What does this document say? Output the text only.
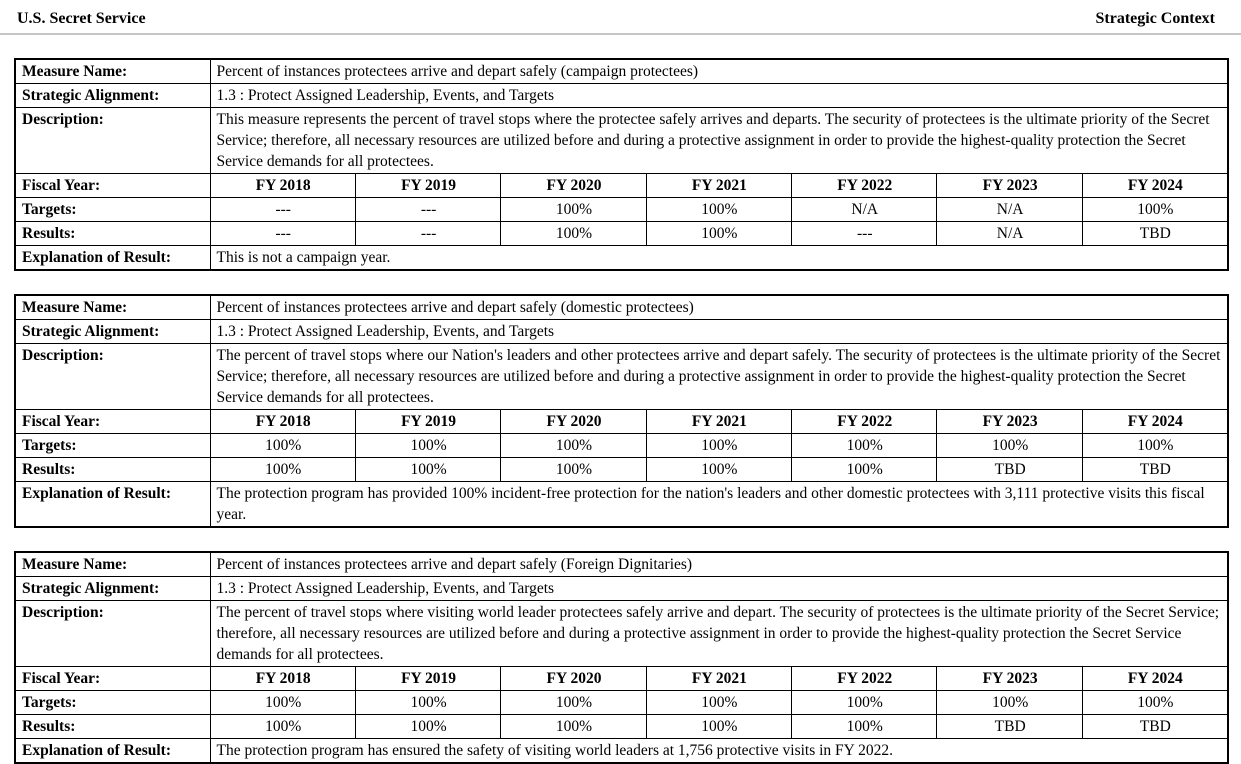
U.S. Secret Service	Strategic Context
Measure Name:	Percent of instances protectees arrive and depart safely (campaign protectees)						
Strategic Alignment:	1.3 : Protect Assigned Leadership, Events, and Targets						
Description:	This measure represents the percent of travel stops where the protectee safely arrives and departs. The security of protectees is the ultimate priority of the Secret Service; therefore, all necessary resources are utilized before and during a protective assignment in order to provide the highest-quality protection the Secret Service demands for all protectees.						
Fiscal Year:	FY 2018	FY 2019	FY 2020	FY 2021	FY 2022	FY 2023	FY 2024
Targets:	---	---	100%	100%	N/A	N/A	100%
Results:	---	---	100%	100%	---	N/A	TBD
Explanation of Result:	This is not a campaign year.						
Measure Name:	Percent of instances protectees arrive and depart safely (domestic protectees)						
Strategic Alignment:	1.3 : Protect Assigned Leadership, Events, and Targets						
Description:	The percent of travel stops where our Nation's leaders and other protectees arrive and depart safely. The security of protectees is the ultimate priority of the Secret Service; therefore, all necessary resources are utilized before and during a protective assignment in order to provide the highest-quality protection the Secret Service demands for all protectees.						
Fiscal Year:	FY 2018	FY 2019	FY 2020	FY 2021	FY 2022	FY 2023	FY 2024
Targets:	100%	100%	100%	100%	100%	100%	100%
Results:	100%	100%	100%	100%	100%	TBD	TBD
Explanation of Result:	The protection program has provided 100% incident-free protection for the nation's leaders and other domestic protectees with 3,111 protective visits this fiscal year.						
Measure Name:	Percent of instances protectees arrive and depart safely (Foreign Dignitaries)						
Strategic Alignment:	1.3 : Protect Assigned Leadership, Events, and Targets						
Description:	The percent of travel stops where visiting world leader protectees safely arrive and depart. The security of protectees is the ultimate priority of the Secret Service; therefore, all necessary resources are utilized before and during a protective assignment in order to provide the highest-quality protection the Secret Service demands for all protectees.						
Fiscal Year:	FY 2018	FY 2019	FY 2020	FY 2021	FY 2022	FY 2023	FY 2024
Targets:	100%	100%	100%	100%	100%	100%	100%
Results:	100%	100%	100%	100%	100%	TBD	TBD
Explanation of Result:	The protection program has ensured the safety of visiting world leaders at 1,756 protective visits in FY 2022.						
